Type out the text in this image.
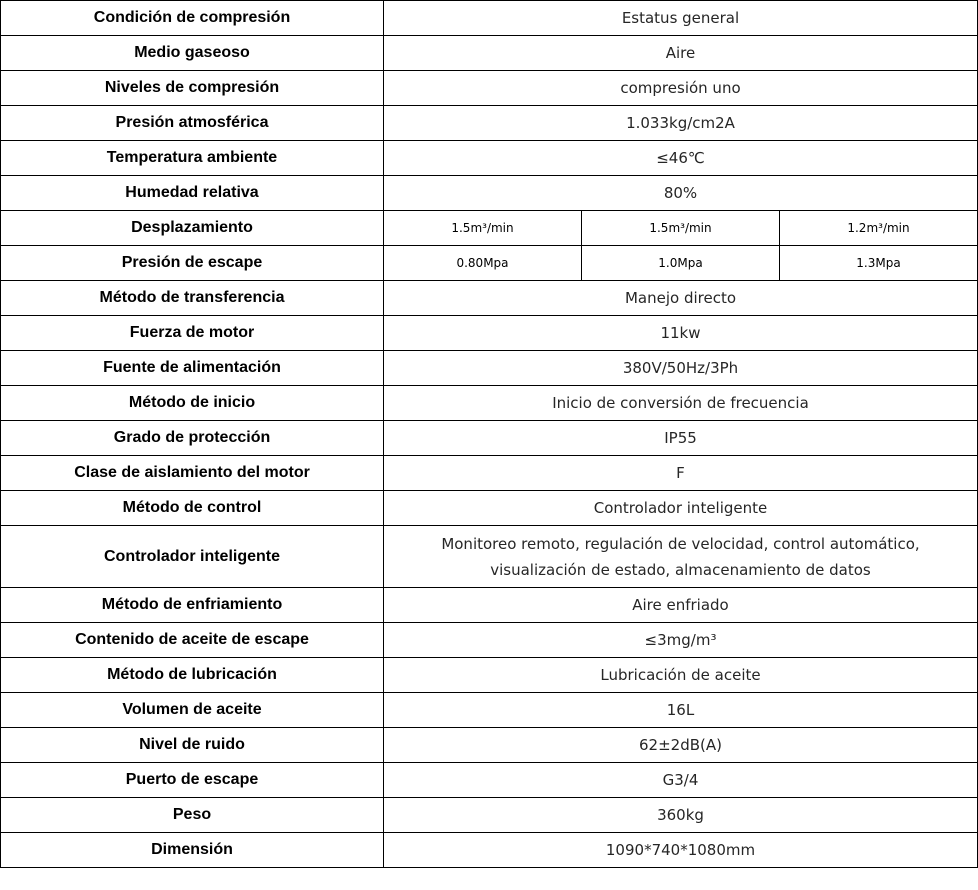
Condición de compresión	Estatus general		
Medio gaseoso	Aire		
Niveles de compresión	compresión uno		
Presión atmosférica	1.033kg/cm2A		
Temperatura ambiente	≤46℃		
Humedad relativa	80%		
Desplazamiento	1.5m³/min	1.5m³/min	1.2m³/min
Presión de escape	0.80Mpa	1.0Mpa	1.3Mpa
Método de transferencia	Manejo directo		
Fuerza de motor	11kw		
Fuente de alimentación	380V/50Hz/3Ph		
Método de inicio	Inicio de conversión de frecuencia		
Grado de protección	IP55		
Clase de aislamiento del motor	F		
Método de control	Controlador inteligente		
Controlador inteligente	Monitoreo remoto, regulación de velocidad, control automático,
visualización de estado, almacenamiento de datos		

Método de enfriamiento	Aire enfriado		
Contenido de aceite de escape	≤3mg/m³		
Método de lubricación	Lubricación de aceite		
Volumen de aceite	16L		
Nivel de ruido	62±2dB(A)		
Puerto de escape	G3/4		
Peso	360kg		
Dimensión	1090*740*1080mm		
